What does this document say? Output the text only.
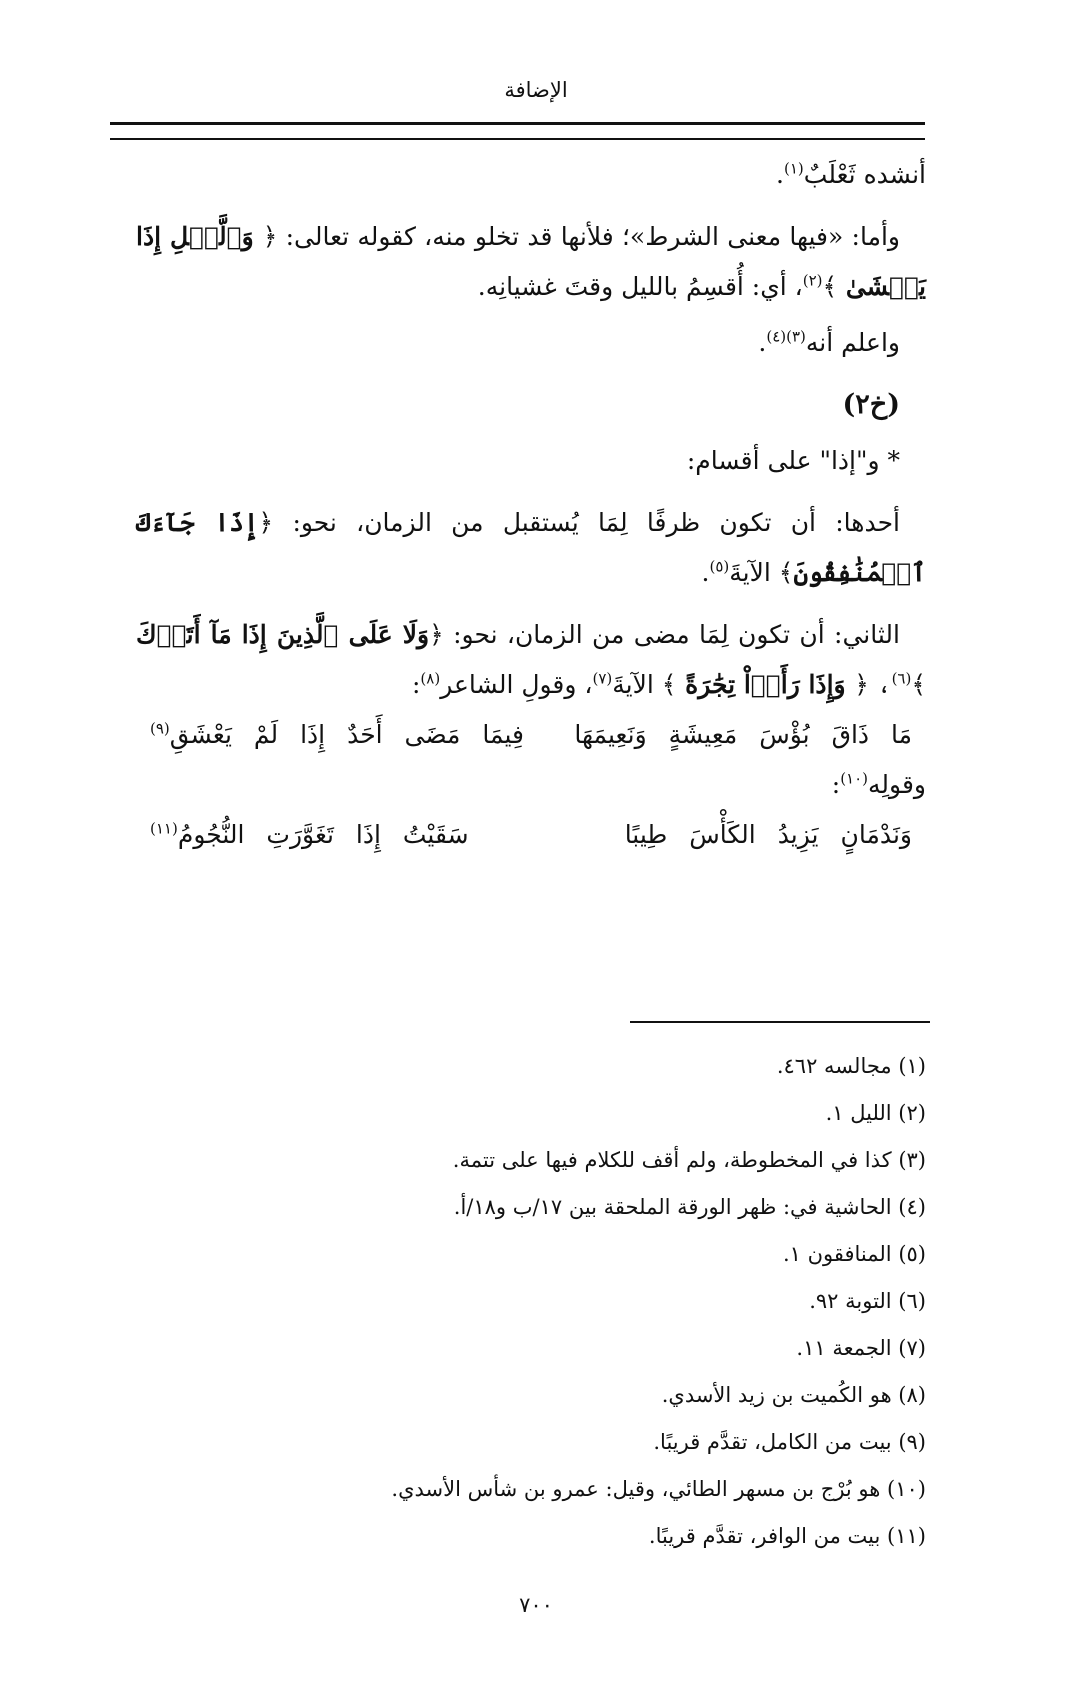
الإضافة

أنشده ثَعْلَبٌ$^{(١)}$.

وأما: «فيها معنى الشرط»؛ فلأنها قد تخلو منه، كقوله تعالى: ﴿ وَٱلَّيۡلِ إِذَا يَغۡشَىٰ ﴾$^{(٢)}$، أي: أُقسِمُ بالليل وقتَ غشيانِه.

واعلم أنه$^{(٣)(٤)}$.

(خ٢)

* و"إذا" على أقسام:

أحدها: أن تكون ظرفًا لِمَا يُستقبل من الزمان، نحو: ﴿إِذَا جَآءَكَ ٱلۡمُنَٰفِقُونَ﴾ الآيةَ$^{(٥)}$.

الثاني: أن تكون لِمَا مضى من الزمان، نحو: ﴿وَلَا عَلَى ٱلَّذِينَ إِذَا مَآ أَتَوۡكَ ﴾$^{(٦)}$، ﴿ وَإِذَا رَأَوۡاْ تِجَٰرَةً ﴾ الآيةَ$^{(٧)}$، وقولِ الشاعر$^{(٨)}$:

مَا ذَاقَ بُؤْسَ مَعِيشَةٍ وَنَعِيمَهَا
فِيمَا مَضَى أَحَدٌ إِذَا لَمْ يَعْشَقِ$^{(٩)}$

وقولِه$^{(١٠)}$:

وَنَدْمَانٍ يَزِيدُ الكَأْسَ طِيبًا
سَقَيْتُ إِذَا تَغَوَّرَتِ النُّجُومُ$^{(١١)}$
(١) مجالسه ٤٦٢.
(٢) الليل ١.
(٣) كذا في المخطوطة، ولم أقف للكلام فيها على تتمة.
(٤) الحاشية في: ظهر الورقة الملحقة بين ١٧/ب و١٨/أ.
(٥) المنافقون ١.
(٦) التوبة ٩٢.
(٧) الجمعة ١١.
(٨) هو الكُميت بن زيد الأسدي.
(٩) بيت من الكامل، تقدَّم قريبًا.
(١٠) هو بُرْج بن مسهر الطائي، وقيل: عمرو بن شأس الأسدي.
(١١) بيت من الوافر، تقدَّم قريبًا.
٧٠٠
